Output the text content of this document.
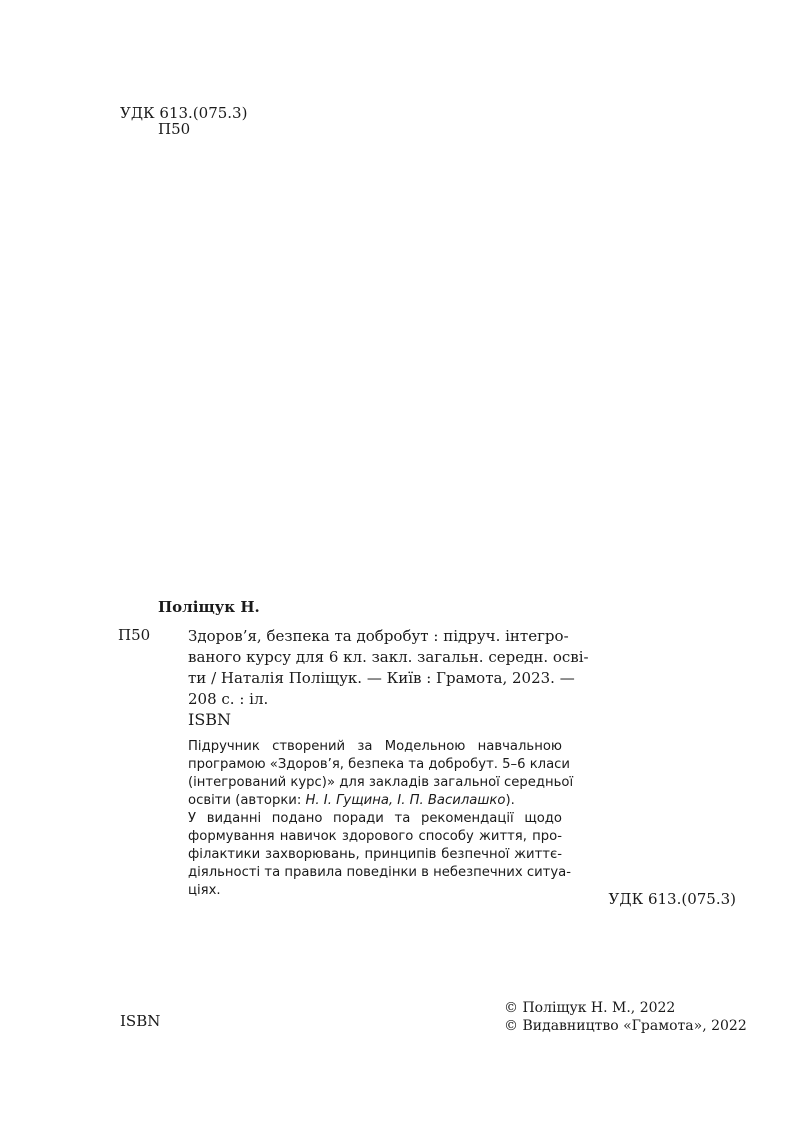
УДК 613.(075.3)
П50
Поліщук Н.
П50	Здоров’я, безпека та добробут : підруч. інтегро-
ваного курсу для 6 кл. закл. загальн. середн. осві-
ти / Наталія Поліщук. — Київ : Грамота, 2023. —
208 с. : іл.
ISBN
Підручник створений за Модельною навчальною
програмою «Здоров’я, безпека та добробут. 5–6 класи
(інтегрований курс)» для закладів загальної середньої
освіти (авторки: Н. І. Гущина, І. П. Василашко).
У виданні подано поради та рекомендації щодо
формування навичок здорового способу життя, про-
філактики захворювань, принципів безпечної життє-
діяльності та правила поведінки в небезпечних ситуа-
ціях.	УДК 613.(075.3)
ISBN
© Поліщук Н. М., 2022
© Видавництво «Грамота», 2022
